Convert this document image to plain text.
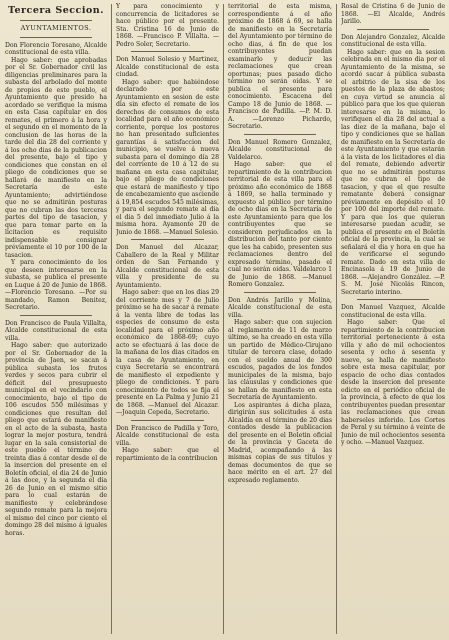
Tercera Seccion.
AYUNTAMIENTOS.

Don Florencio Toresano, Alcalde constitucional de esta villa.

Hago saber: que aprobadas por el Sr. Gobernador civil las diligencias preliminares para la subasta del arbolado del monte de propios de este pueblo, el Ayuntamiento que presido ha acordado se verifique la misma en esta Casa capitular en dos remates, el primero á la hora y el segundo en el momento de la conclusion de las horas de la tarde del dia 28 del corriente y á los ocho dias de la publicacion del presente, bajo el tipo y condiciones que constan en el pliego de condiciones que se hallará de manifiesto en la Secretaría de este Ayuntamiento; advirtiéndose que no se admitirán posturas que no cubran las dos terceras partes del tipo de tasacion, y que para tomar parte en la licitacion es requisito indispensable consignar préviamente el 10 por 100 de la tasacion.

Y para conocimiento de los que deseen interesarse en la subasta, se publica el presente en Luque á 20 de Junio de 1868. —Florencio Toresano. —Por su mandado, Ramon Benitez, Secretario.

Don Francisco de Paula Villalta, Alcalde constitucional de esta villa.

Hago saber: que autorizado por el Sr. Gobernador de la provincia de Jaen, se sacan á pública subasta los frutos verdes y secos para cubrir el déficit del presupuesto municipal en el vecindario con conocimiento, bajo el tipo de 106 escudos 550 milésimas y condiciones que resultan del pliego que estará de manifiesto en el acto de la subasta, hasta lograr la mejor postura, tendrá lugar en la sala consistorial de este pueblo el término de treinta dias á contar desde el de la insercion del presente en el Boletín oficial, el dia 24 de Junio á las doce, y la segunda el dia 26 de Junio en el mismo sitio para lo cual estarán de manifiesto y celebrándose segundo remate para la mejora el mismo del cinco por ciento el domingo 28 del mismo á iguales horas.

Y para conocimiento y concurrencia de licitadores se hace público por el presente. Sta. Cristina 16 de Junio de 1868. —Francisco P. Villalta. —Pedro Soler, Secretario.

Don Manuel Solesio y Martinez, Alcalde constitucional de esta ciudad.

Hago saber: que habiéndose declarado por este Ayuntamiento en sesion de este dia sin efecto el remate de los derechos de consumos de esta localidad para el año económico corriente, porque los postores no han presentado suficientes garantías á satisfaccion del municipio, se vuelve á nueva subasta para el domingo día 28 del corriente de 10 á 12 de su mañana en esta casa capitular, bajo el pliego de condiciones que estará de manifiesto y tipo de encabezamiento que asciende á 19,854 escudos 545 milésimas, y para el segundo remate al dia el dia 5 del inmediato Julio á la misma hora. Ayamonte 20 de Junio de 1868. —Manuel Solesio.

Don Manuel del Alcazar, Caballero de la Real y Militar órden de San Fernando y Alcalde constitucional de esta villa y presidente de su Ayuntamiento.

Hago saber: que en los dias 29 del corriente mes y 7 de Julio próximo se ha de sacar á remate á la venta libre de todas las especies de consumo de esta localidad para el próximo año económico de 1868-69; cuyo acto se efectuará á las doce de la mañana de los dias citados en la casa de Ayuntamiento, en cuya Secretaría se encontrará de manifiesto el expediente y pliego de condiciones. Y para conocimiento de todos se fija el presente en La Palma y Junio 21 de 1868. —Manuel del Alcazar. —Joaquin Cepeda, Secretario.

Don Francisco de Padilla y Toro, Alcalde constitucional de esta villa.

Hago saber: que el repartimiento de la contribucion

territorial de esta misma, correspondiente á el año próximo de 1868 á 69, se halla de manifiesto en la Secretaría del Ayuntamiento por término de ocho dias, á fin de que los contribuyentes puedan examinarlo y deducir las reclamaciones que crean oportunas; pues pasado dicho término no serán oidas. Y se publica el presente para conocimiento. Escacena del Campo 18 de Junio de 1868. —Francisco de Padilla. —P. M. D. A. —Lorenzo Pichardo, Secretario.

Don Manuel Romero Gonzalez, Alcalde constitucional de Valdelarco.

Hago saber: que el repartimiento de la contribucion territorial de esta villa para el próximo año económico de 1868 á 1869, se halla terminado y expuesto al público por término de ocho dias en la Secretaría de este Ayuntamiento para que los contribuyentes que se consideren perjudicados en la distribucion del tanto por ciento que les ha cabido, presenten sus reclamaciones dentro del expresado término, pasado el cual no serán oidas. Valdelarco 1 de Junio de 1868. —Manuel Romero Gonzalez.

Don Andrés Jarillo y Molina, Alcalde constitucional de esta villa.

Hago saber: que con sujecion al reglamento de 11 de marzo último, se ha creado en esta villa un partido de Médico-Cirujano titular de tercera clase, dotado con el sueldo anual de 300 escudos, pagados de los fondos municipales de la misma, bajo las cláusulas y condiciones que se hallan de manifiesto en esta Secretaría de Ayuntamiento.

Los aspirantes á dicha plaza, dirigirán sus solicitudes á esta Alcaldía en el término de 20 dias contados desde la publicacion del presente en el Boletin oficial de la provincia y Gaceta de Madrid, acompañando á las mismas copias de sus títulos y demas documentos de que se hace mérito en el art. 27 del expresado reglamento.

Rosal de Cristina 6 de Junio de 1868. —El Alcalde, Andrés Jarillo.

Don Alejandro Gonzalez, Alcalde constitucional de esta villa.

Hago saber: que en la sesion celebrada en el mismo dia por el Ayuntamiento de la misma, se acordó sacar á pública subasta el arbitrio de la sisa de los puestos de la plaza de abastos; en cuya virtud se anuncia al público para que los que quieran interesarse en la misma, lo verifiquen el dia 28 del actual a las diez de la mañana, bajo el tipo y condiciones que se hallan de manifiesto en la Secretaría de este Ayuntamiento y que estarán á la vista de los licitadores el dia del remate, debiendo advertir que no se admitirán posturas que no cubran el tipo de tasacion, y que el que resulte rematante deberá consignar préviamente en depósito el 10 por 100 del importe del remate. Y para que los que quieran interesarse puedan acudir, se publica el presente en el Boletín oficial de la provincia, la cual se señalará el dia y hora en que ha de verificarse el segundo remate. Dado en esta villa de Encinasola á 19 de Junio de 1868. —Alejandro González. —P. S. M. José Nicolás Rincon, Secretario interino.

Don Manuel Vazquez, Alcalde constitucional de esta villa.

Hago saber: Que el repartimiento de la contribucion territorial perteneciente á esta villa y año de mil ochocientos sesenta y ocho á sesenta y nueve, se halla de manifiesto sobre esta mesa capitular, por espacio de ocho dias contados desde la insercion del presente edicto en el periódico oficial de la provincia, á efecto de que los contribuyentes puedan presentar las reclamaciones que crean haberseles inferido. Los Cortes de Peral y su término á veinte de Junio de mil ochocientos sesenta y ocho. —Manuel Vazquez.
